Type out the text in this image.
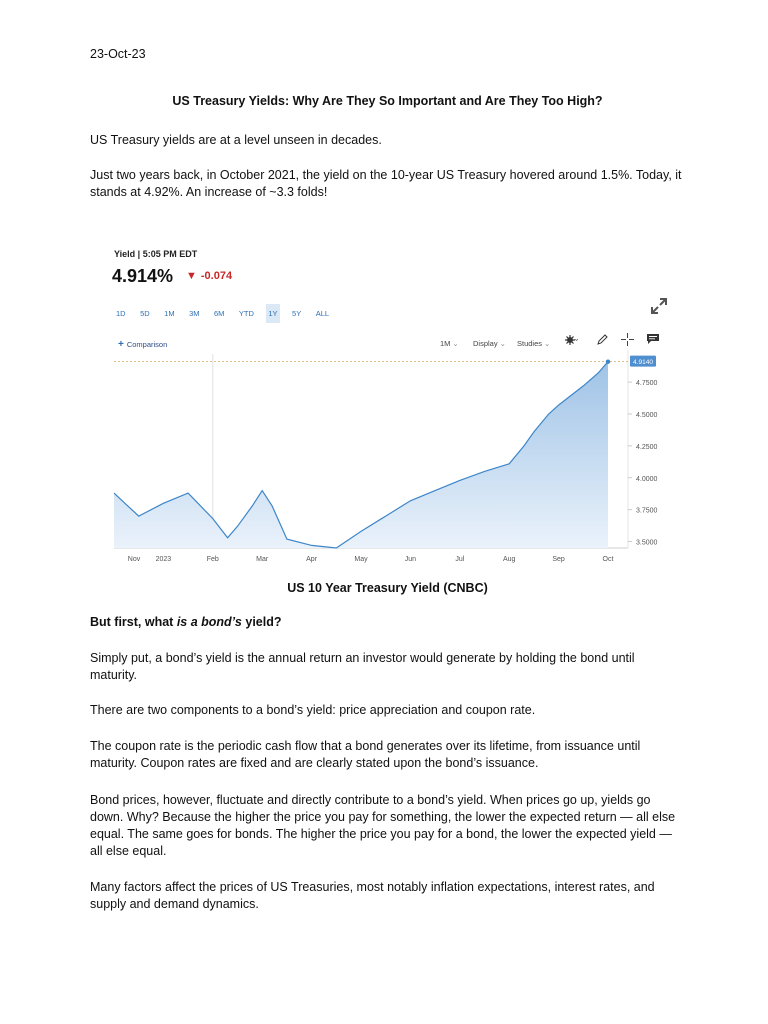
23-Oct-23

US Treasury Yields: Why Are They So Important and Are They Too High?

US Treasury yields are at a level unseen in decades.

Just two years back, in October 2021, the yield on the 10-year US Treasury hovered around 1.5%. Today, it stands at 4.92%. An increase of ~3.3 folds!

Yield | 5:05 PM EDT
4.914% ▼ -0.074
1D 5D 1M 3M 6M YTD 1Y 5Y ALL
+ Comparison	1M ⌄ Display ⌄ Studies ⌄
4.9140
3.5000
3.7500
4.0000
4.2500
4.5000
4.7500
Nov 2023	Feb	Mar	Apr	May	Jun	Jul	Aug	Sep	Oct

US 10 Year Treasury Yield (CNBC)

But first, what is a bond’s yield?

Simply put, a bond’s yield is the annual return an investor would generate by holding the bond until maturity.

There are two components to a bond’s yield: price appreciation and coupon rate.

The coupon rate is the periodic cash flow that a bond generates over its lifetime, from issuance until maturity. Coupon rates are fixed and are clearly stated upon the bond’s issuance.

Bond prices, however, fluctuate and directly contribute to a bond’s yield. When prices go up, yields go down. Why? Because the higher the price you pay for something, the lower the expected return — all else equal. The same goes for bonds. The higher the price you pay for a bond, the lower the expected yield — all else equal.

Many factors affect the prices of US Treasuries, most notably inflation expectations, interest rates, and supply and demand dynamics.
